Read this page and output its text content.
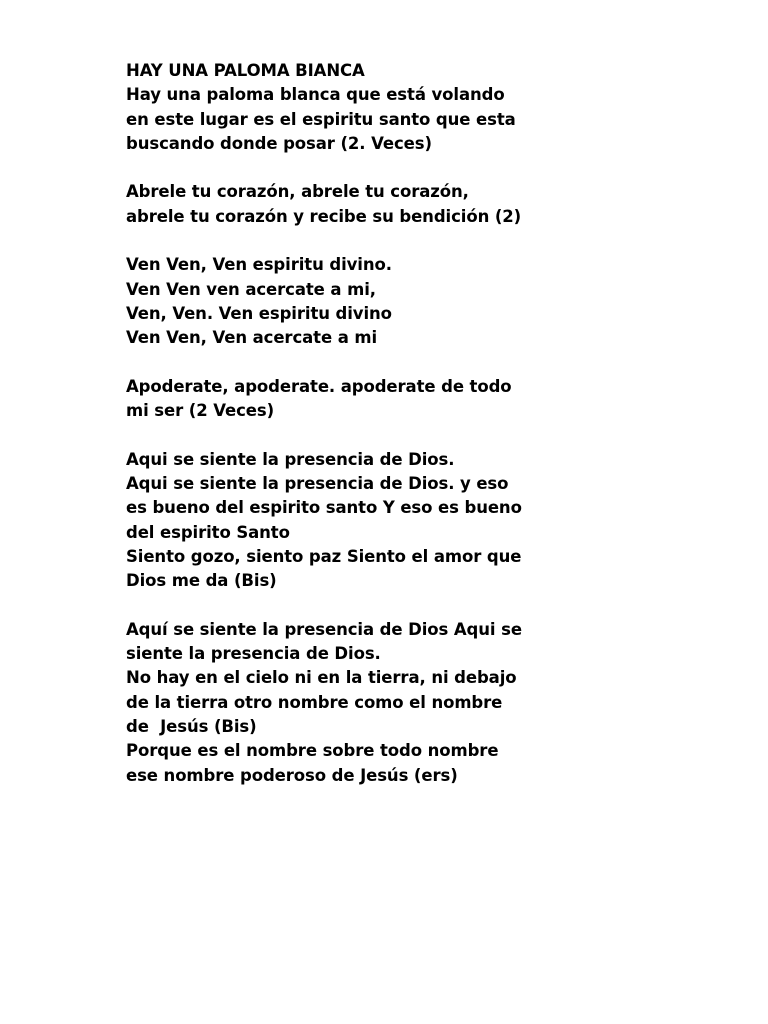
HAY UNA PALOMA BIANCA
Hay una paloma blanca que está volando
en este lugar es el espiritu santo que esta
buscando donde posar (2. Veces)
Abrele tu corazón, abrele tu corazón,
abrele tu corazón y recibe su bendición (2)
Ven Ven, Ven espiritu divino.
Ven Ven ven acercate a mi,
Ven, Ven. Ven espiritu divino
Ven Ven, Ven acercate a mi
Apoderate, apoderate. apoderate de todo
mi ser (2 Veces)
Aqui se siente la presencia de Dios.
Aqui se siente la presencia de Dios. y eso
es bueno del espirito santo Y eso es bueno
del espirito Santo
Siento gozo, siento paz Siento el amor que
Dios me da (Bis)
Aquí se siente la presencia de Dios Aqui se
siente la presencia de Dios.
No hay en el cielo ni en la tierra, ni debajo
de la tierra otro nombre como el nombre
de  Jesús (Bis)
Porque es el nombre sobre todo nombre
ese nombre poderoso de Jesús (ers)
